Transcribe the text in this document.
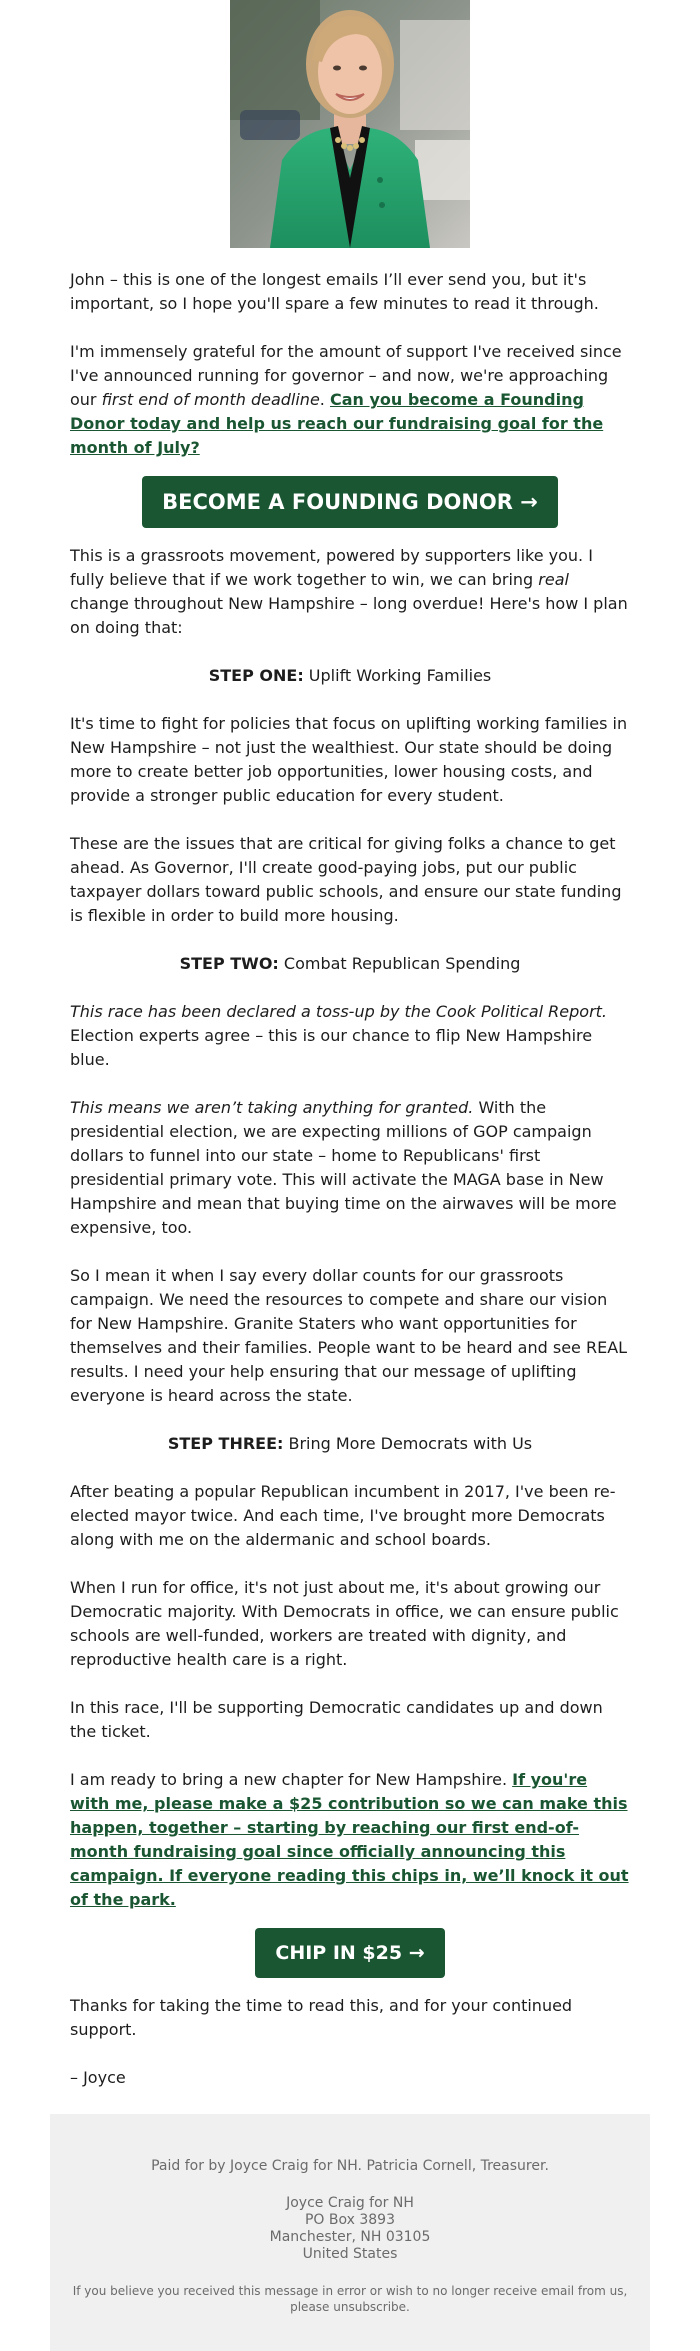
John – this is one of the longest emails I’ll ever send you, but it's important, so I hope you'll spare a few minutes to read it through.

I'm immensely grateful for the amount of support I've received since I've announced running for governor – and now, we're approaching our first end of month deadline. Can you become a Founding Donor today and help us reach our fundraising goal for the month of July?

BECOME A FOUNDING DONOR →

This is a grassroots movement, powered by supporters like you. I fully believe that if we work together to win, we can bring real change throughout New Hampshire – long overdue! Here's how I plan on doing that:

STEP ONE: Uplift Working Families

It's time to fight for policies that focus on uplifting working families in New Hampshire – not just the wealthiest. Our state should be doing more to create better job opportunities, lower housing costs, and provide a stronger public education for every student.

These are the issues that are critical for giving folks a chance to get ahead. As Governor, I'll create good-paying jobs, put our public taxpayer dollars toward public schools, and ensure our state funding is flexible in order to build more housing.

STEP TWO: Combat Republican Spending

This race has been declared a toss-up by the Cook Political Report. Election experts agree – this is our chance to flip New Hampshire blue.

This means we aren’t taking anything for granted. With the presidential election, we are expecting millions of GOP campaign dollars to funnel into our state – home to Republicans' first presidential primary vote. This will activate the MAGA base in New Hampshire and mean that buying time on the airwaves will be more expensive, too.

So I mean it when I say every dollar counts for our grassroots campaign. We need the resources to compete and share our vision for New Hampshire. Granite Staters who want opportunities for themselves and their families. People want to be heard and see REAL results. I need your help ensuring that our message of uplifting everyone is heard across the state.

STEP THREE: Bring More Democrats with Us

After beating a popular Republican incumbent in 2017, I've been re-elected mayor twice. And each time, I've brought more Democrats along with me on the aldermanic and school boards.

When I run for office, it's not just about me, it's about growing our Democratic majority. With Democrats in office, we can ensure public schools are well-funded, workers are treated with dignity, and reproductive health care is a right.

In this race, I'll be supporting Democratic candidates up and down the ticket.

I am ready to bring a new chapter for New Hampshire. If you're with me, please make a $25 contribution so we can make this happen, together – starting by reaching our first end-of-month fundraising goal since officially announcing this campaign. If everyone reading this chips in, we’ll knock it out of the park.

CHIP IN $25 →

Thanks for taking the time to read this, and for your continued support.

– Joyce

Paid for by Joyce Craig for NH. Patricia Cornell, Treasurer.

Joyce Craig for NH
PO Box 3893
Manchester, NH 03105
United States

If you believe you received this message in error or wish to no longer receive email from us, please unsubscribe.
